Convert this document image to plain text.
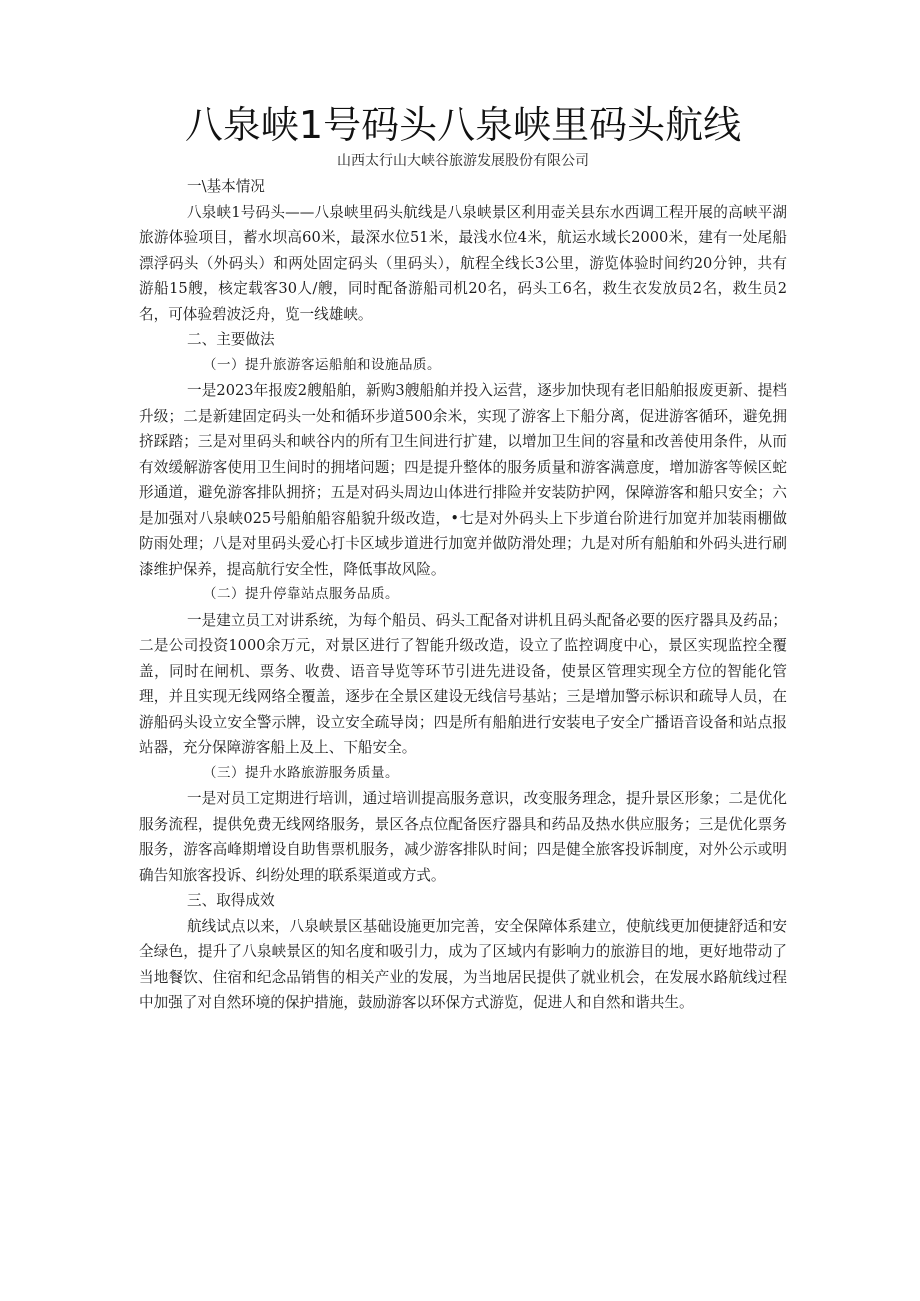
八泉峡1号码头八泉峡里码头航线

山西太行山大峡谷旅游发展股份有限公司

一\基本情况

八泉峡1号码头——八泉峡里码头航线是八泉峡景区利用壶关县东水西调工程开展的高峡平湖旅游体验项目，蓄水坝高60米，最深水位51米，最浅水位4米，航运水域长2000米，建有一处尾船漂浮码头（外码头）和两处固定码头（里码头），航程全线长3公里，游览体验时间约20分钟，共有游船15艘，核定载客30人/艘，同时配备游船司机20名，码头工6名，救生衣发放员2名，救生员2名，可体验碧波泛舟，览一线雄峡。

二、主要做法

（一）提升旅游客运船舶和设施品质。

一是2023年报废2艘船舶，新购3艘船舶并投入运营，逐步加快现有老旧船舶报废更新、提档升级；二是新建固定码头一处和循环步道500余米，实现了游客上下船分离，促进游客循环，避免拥挤踩踏；三是对里码头和峡谷内的所有卫生间进行扩建，以增加卫生间的容量和改善使用条件，从而有效缓解游客使用卫生间时的拥堵问题；四是提升整体的服务质量和游客满意度，增加游客等候区蛇形通道，避免游客排队拥挤；五是对码头周边山体进行排险并安装防护网，保障游客和船只安全；六是加强对八泉峡025号船舶船容船貌升级改造，•七是对外码头上下步道台阶进行加宽并加装雨棚做防雨处理；八是对里码头爱心打卡区域步道进行加宽并做防滑处理；九是对所有船舶和外码头进行刷漆维护保养，提高航行安全性，降低事故风险。

（二）提升停靠站点服务品质。

一是建立员工对讲系统，为每个船员、码头工配备对讲机且码头配备必要的医疗器具及药品；二是公司投资1000余万元，对景区进行了智能升级改造，设立了监控调度中心，景区实现监控全覆盖，同时在闸机、票务、收费、语音导览等环节引进先进设备，使景区管理实现全方位的智能化管理，并且实现无线网络全覆盖，逐步在全景区建设无线信号基站；三是增加警示标识和疏导人员，在游船码头设立安全警示牌，设立安全疏导岗；四是所有船舶进行安装电子安全广播语音设备和站点报站器，充分保障游客船上及上、下船安全。

（三）提升水路旅游服务质量。

一是对员工定期进行培训，通过培训提高服务意识，改变服务理念，提升景区形象；二是优化服务流程，提供免费无线网络服务，景区各点位配备医疗器具和药品及热水供应服务；三是优化票务服务，游客高峰期增设自助售票机服务，减少游客排队时间；四是健全旅客投诉制度，对外公示或明确告知旅客投诉、纠纷处理的联系渠道或方式。

三、取得成效

航线试点以来，八泉峡景区基础设施更加完善，安全保障体系建立，使航线更加便捷舒适和安全绿色，提升了八泉峡景区的知名度和吸引力，成为了区域内有影响力的旅游目的地，更好地带动了当地餐饮、住宿和纪念品销售的相关产业的发展，为当地居民提供了就业机会，在发展水路航线过程中加强了对自然环境的保护措施，鼓励游客以环保方式游览，促进人和自然和谐共生。
